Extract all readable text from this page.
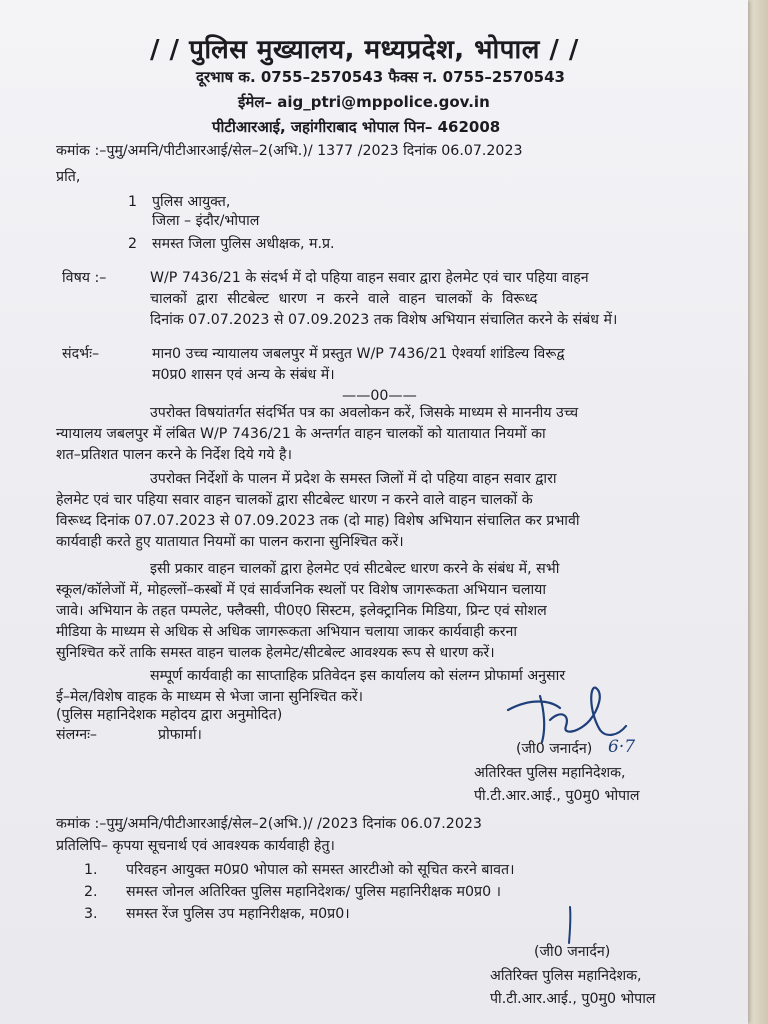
/ / पुलिस मुख्यालय, मध्यप्रदेश, भोपाल / /
दूरभाष क. 0755–2570543 फैक्स न. 0755–2570543
ईमेल– aig_ptri@mppolice.gov.in
पीटीआरआई, जहांगीराबाद भोपाल पिन– 462008
कमांक :–पुमु/अमनि/पीटीआरआई/सेल–2(अभि.)/ 1377 /2023 दिनांक 06.07.2023
प्रति,
1 पुलिस आयुक्त,
जिला – इंदौर/भोपाल
2 समस्त जिला पुलिस अधीक्षक, म.प्र.
विषय :–	W/P 7436/21 के संदर्भ में दो पहिया वाहन सवार द्वारा हेलमेट एवं चार पहिया वाहन
चालकों द्वारा सीटबेल्ट धारण न करने वाले वाहन चालकों के विरूध्द
दिनांक 07.07.2023 से 07.09.2023 तक विशेष अभियान संचालित करने के संबंध में।
संदर्भः–	मान0 उच्च न्यायालय जबलपुर में प्रस्तुत W/P 7436/21 ऐश्वर्या शांडिल्य विरूद्व
म0प्र0 शासन एवं अन्य के संबंध में।
——00——
उपरोक्त विषयांतर्गत संदर्भित पत्र का अवलोकन करें, जिसके माध्यम से माननीय उच्च
न्यायालय जबलपुर में लंबित W/P 7436/21 के अन्तर्गत वाहन चालकों को यातायात नियमों का
शत–प्रतिशत पालन करने के निर्देश दिये गये है।
उपरोक्त निर्देशों के पालन में प्रदेश के समस्त जिलों में दो पहिया वाहन सवार द्वारा
हेलमेट एवं चार पहिया सवार वाहन चालकों द्वारा सीटबेल्ट धारण न करने वाले वाहन चालकों के
विरूध्द दिनांक 07.07.2023 से 07.09.2023 तक (दो माह) विशेष अभियान संचालित कर प्रभावी
कार्यवाही करते हुए यातायात नियमों का पालन कराना सुनिश्चित करें।
इसी प्रकार वाहन चालकों द्वारा हेलमेट एवं सीटबेल्ट धारण करने के संबंध में, सभी
स्कूल/कॉलेजों में, मोहल्लों–कस्बों में एवं सार्वजनिक स्थलों पर विशेष जागरूकता अभियान चलाया
जावे। अभियान के तहत पम्पलेट, फ्लैक्सी, पी0ए0 सिस्टम, इलेक्ट्रानिक मिडिया, प्रिन्ट एवं सोशल
मीडिया के माध्यम से अधिक से अधिक जागरूकता अभियान चलाया जाकर कार्यवाही करना
सुनिश्चित करें ताकि समस्त वाहन चालक हेलमेट/सीटबेल्ट आवश्यक रूप से धारण करें।
सम्पूर्ण कार्यवाही का साप्ताहिक प्रतिवेदन इस कार्यालय को संलग्न प्रोफार्मा अनुसार
ई–मेल/विशेष वाहक के माध्यम से भेजा जाना सुनिश्चित करें।
(पुलिस महानिदेशक महोदय द्वारा अनुमोदित)
संलग्नः–	प्रोफार्मा।
(जी0 जनार्दन) 6·7
अतिरिक्त पुलिस महानिदेशक,
पी.टी.आर.आई., पु0मु0 भोपाल
कमांक :–पुमु/अमनि/पीटीआरआई/सेल–2(अभि.)/ /2023 दिनांक 06.07.2023
प्रतिलिपि– कृपया सूचनार्थ एवं आवश्यक कार्यवाही हेतु।
1. परिवहन आयुक्त म0प्र0 भोपाल को समस्त आरटीओ को सूचित करने बावत।
2. समस्त जोनल अतिरिक्त पुलिस महानिदेशक/ पुलिस महानिरीक्षक म0प्र0 ।
3. समस्त रेंज पुलिस उप महानिरीक्षक, म0प्र0।
(जी0 जनार्दन)
अतिरिक्त पुलिस महानिदेशक,
पी.टी.आर.आई., पु0मु0 भोपाल
